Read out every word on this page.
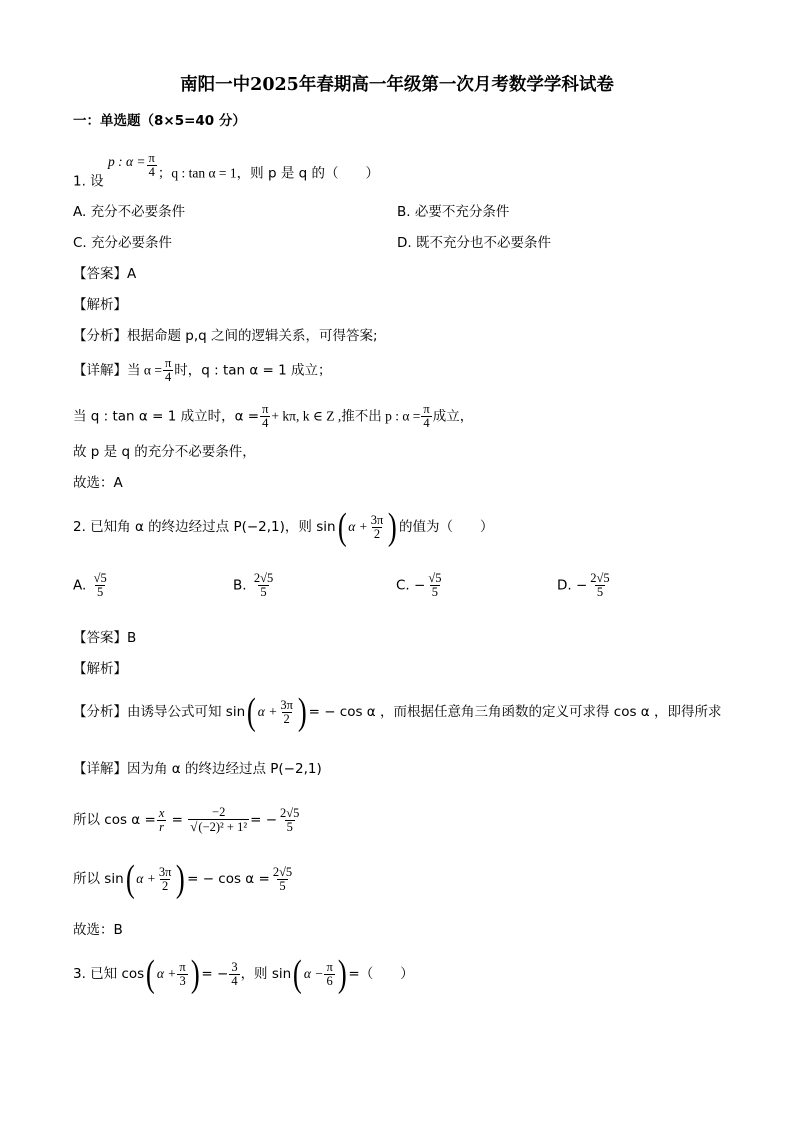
南阳一中2025年春期高一年级第一次月考数学学科试卷
一：单选题（8×5=40 分）
1. 设 p : $\alpha = \frac{\pi}{4}$ ；q : tan α = 1，则 p 是 q 的（　　）
A. 充分不必要条件	B. 必要不充分条件
C. 充分必要条件	D. 既不充分也不必要条件
【答案】A
【解析】
【分析】根据命题 p,q 之间的逻辑关系，可得答案;
【详解】当 $\alpha = \frac{\pi}{4}$ 时，q : tan α = 1 成立；
当 q : tan α = 1 成立时，$\alpha = \frac{\pi}{4} + k\pi$, k ∈ Z ,推不出 p : $\alpha = \frac{\pi}{4}$ 成立，
故 p 是 q 的充分不必要条件，
故选：A
2. 已知角 α 的终边经过点 P(−2,1)，则 sin( $\alpha + \frac{3\pi}{2}$ ) 的值为（　　）
A. $\frac{√5}{5}$	B. $\frac{2√5}{5}$	C. − $\frac{√5}{5}$	D. − $\frac{2√5}{5}$
【答案】B
【解析】
【分析】由诱导公式可知 sin( $\alpha + \frac{3\pi}{2}$ ) = − cos α ，而根据任意角三角函数的定义可求得 cos α ，即得所求
【详解】因为角 α 的终边经过点 P(−2,1)
所以 $\cos \alpha = \frac{x}{r} = \frac{-2}{\text{√(−2)² + 1²}}$ = − $\frac{2√5}{5}$
所以 sin( $\alpha + \frac{3\pi}{2}$ ) = − $\cos \alpha = \frac{2√5}{5}$
故选：B
3. 已知 cos( $\alpha + \frac{\pi}{3}$ ) = − $\frac{3}{4}$ ，则 sin( $\alpha - \frac{\pi}{6}$ ) =（　　）
